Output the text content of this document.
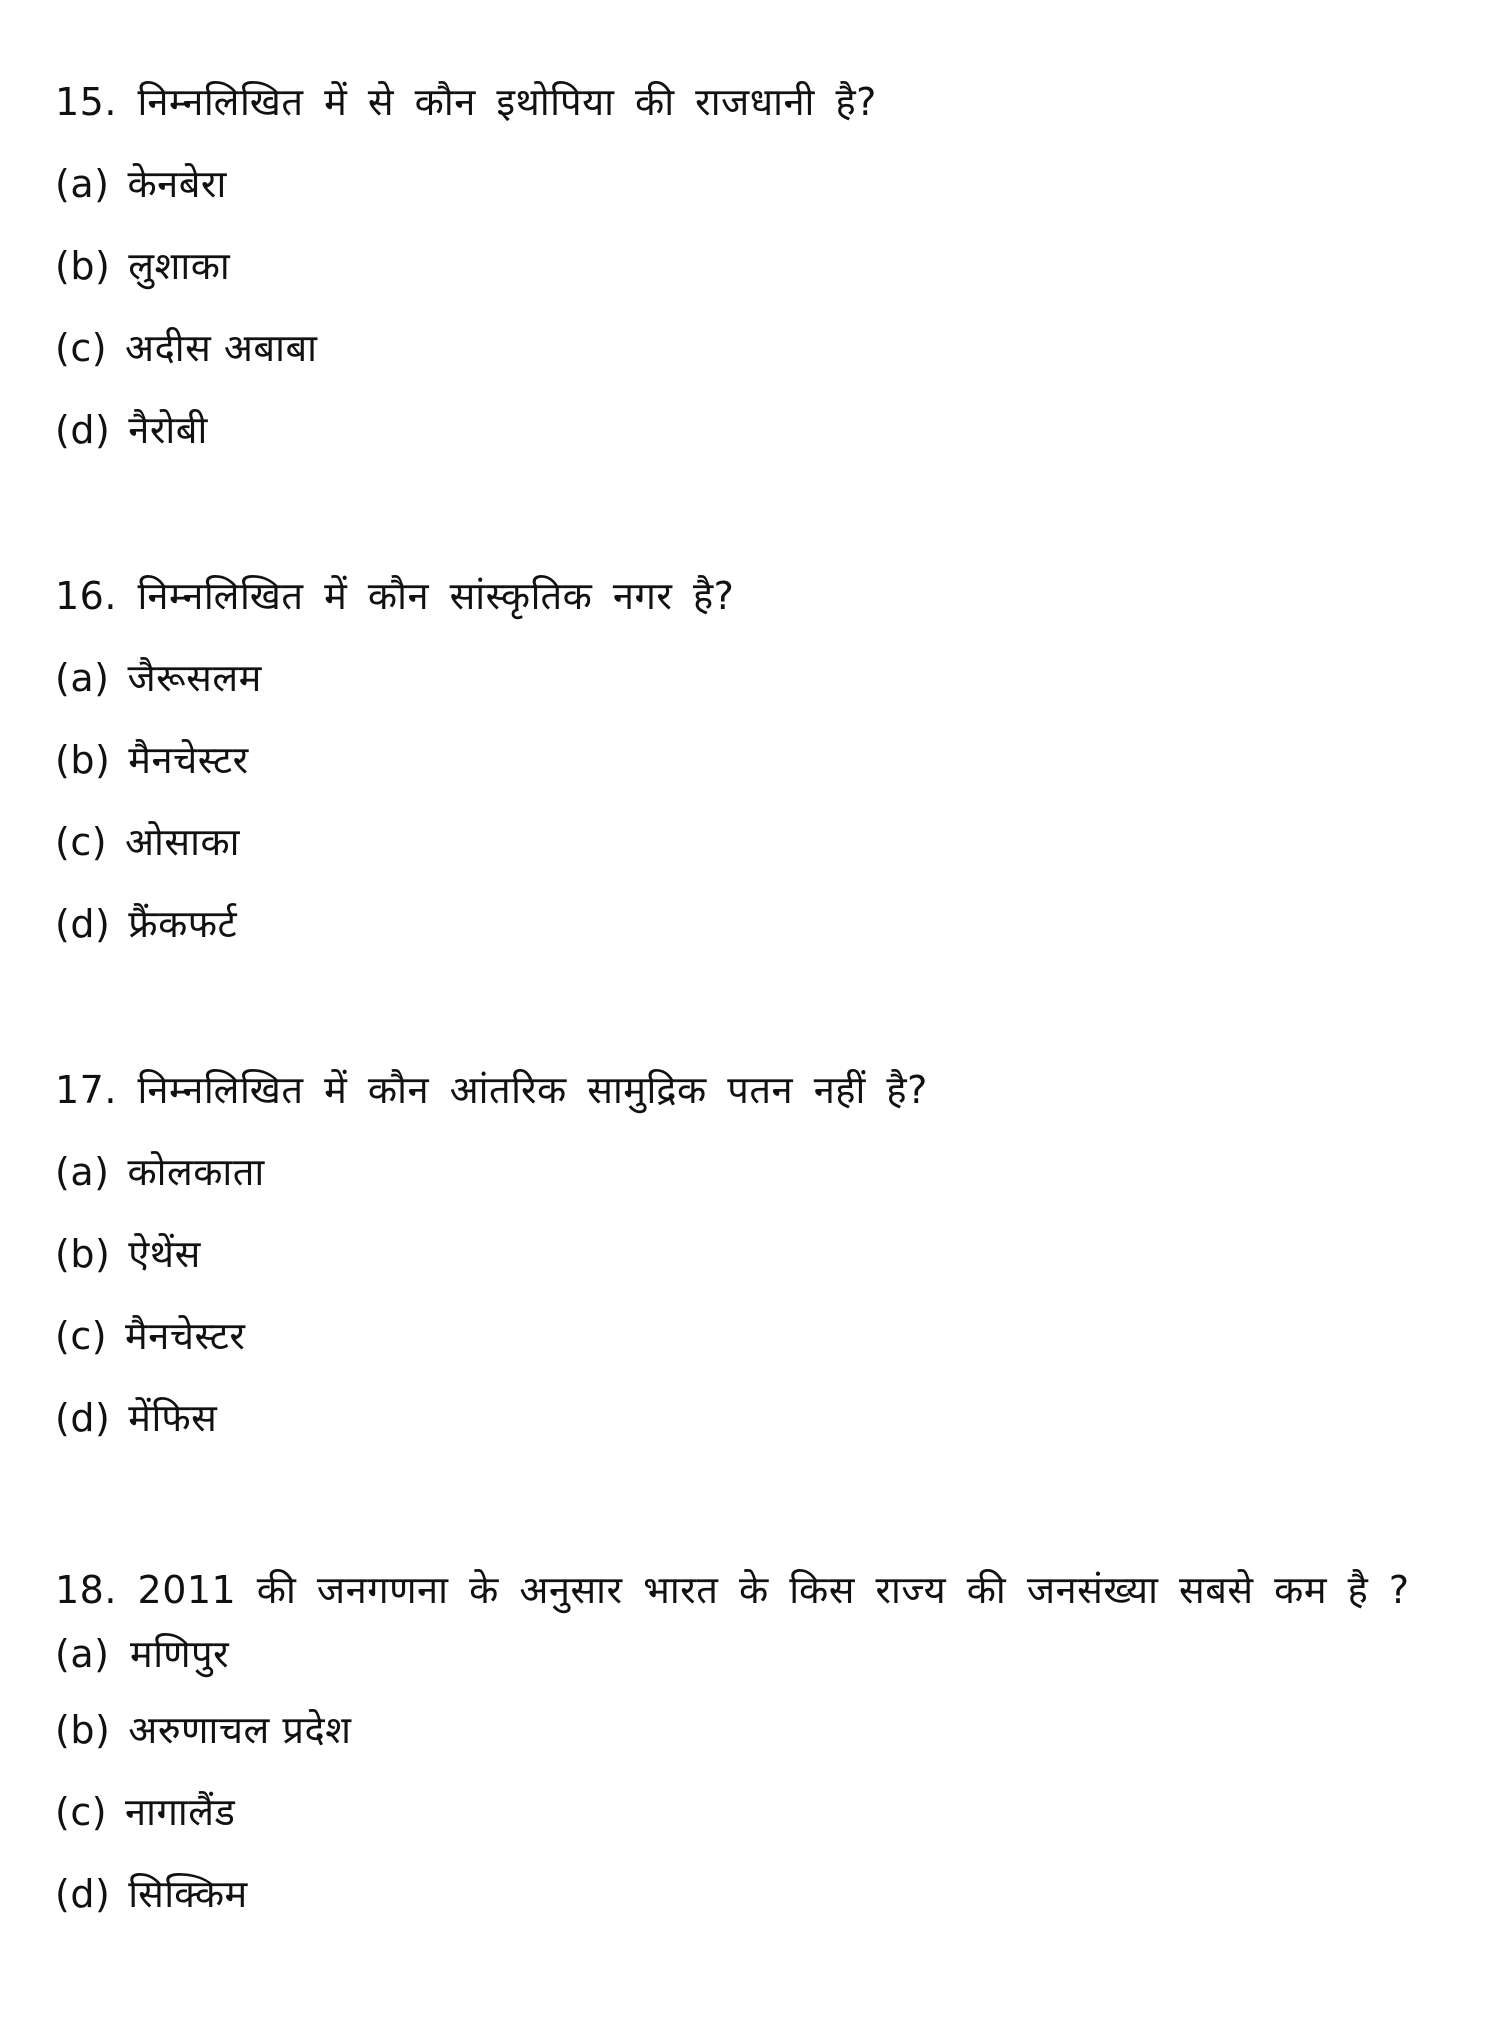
15. निम्नलिखित में से कौन इथोपिया की राजधानी है?
(a) केनबेरा
(b) लुशाका
(c) अदीस अबाबा
(d) नैरोबी
16. निम्नलिखित में कौन सांस्कृतिक नगर है?
(a) जैरूसलम
(b) मैनचेस्टर
(c) ओसाका
(d) फ्रैंकफर्ट
17. निम्नलिखित में कौन आंतरिक सामुद्रिक पतन नहीं है?
(a) कोलकाता
(b) ऐथेंस
(c) मैनचेस्टर
(d) मेंफिस
18. 2011 की जनगणना के अनुसार भारत के किस राज्य की जनसंख्या सबसे कम है ? (a) मणिपुर
(b) अरुणाचल प्रदेश
(c) नागालैंड
(d) सिक्किम
